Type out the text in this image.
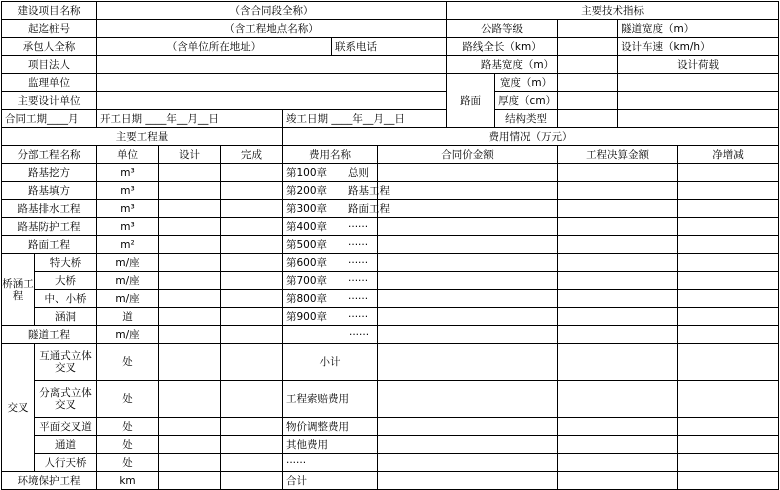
建设项目名称		（含合同段全称）						主要技术指标				
起迄桩号		（含工程地点名称）						公路等级			隧道宽度（m）	
承包人全称		（含单位所在地址）				联系电话		路线全长（km）			设计车速（km/h）	
项目法人								路基宽度（m）			设计荷载	
监理单位								路面	宽度（m）			
主要设计单位									厚度（cm）			
合同工期____月		开工日期 ____年__月__日			竣工日期 ____年__月__日				结构类型			
主要工程量					费用情况（万元）							
分部工程名称		单位	设计	完成	费用名称		合同价金额			工程决算金额		净增减
路基挖方		m³			第100章　　总则							
路基填方		m³			第200章　　路基工程							
路基排水工程		m³			第300章　　路面工程							
路基防护工程		m³			第400章　　······							
路面工程		m²			第500章　　······							
桥涵工程	特大桥	m/座			第600章　　······							
	大桥	m/座			第700章　　······							
	中、小桥	m/座			第800章　　······							
	涵洞	道			第900章　　······							
隧道工程		m/座			　　　　　　······							
交叉	互通式立体交叉	处			小计							
	分离式立体交叉	处			工程索赔费用							
	平面交叉道	处			物价调整费用							
	通道	处			其他费用							
	人行天桥	处			······							
环境保护工程		km			合计							
